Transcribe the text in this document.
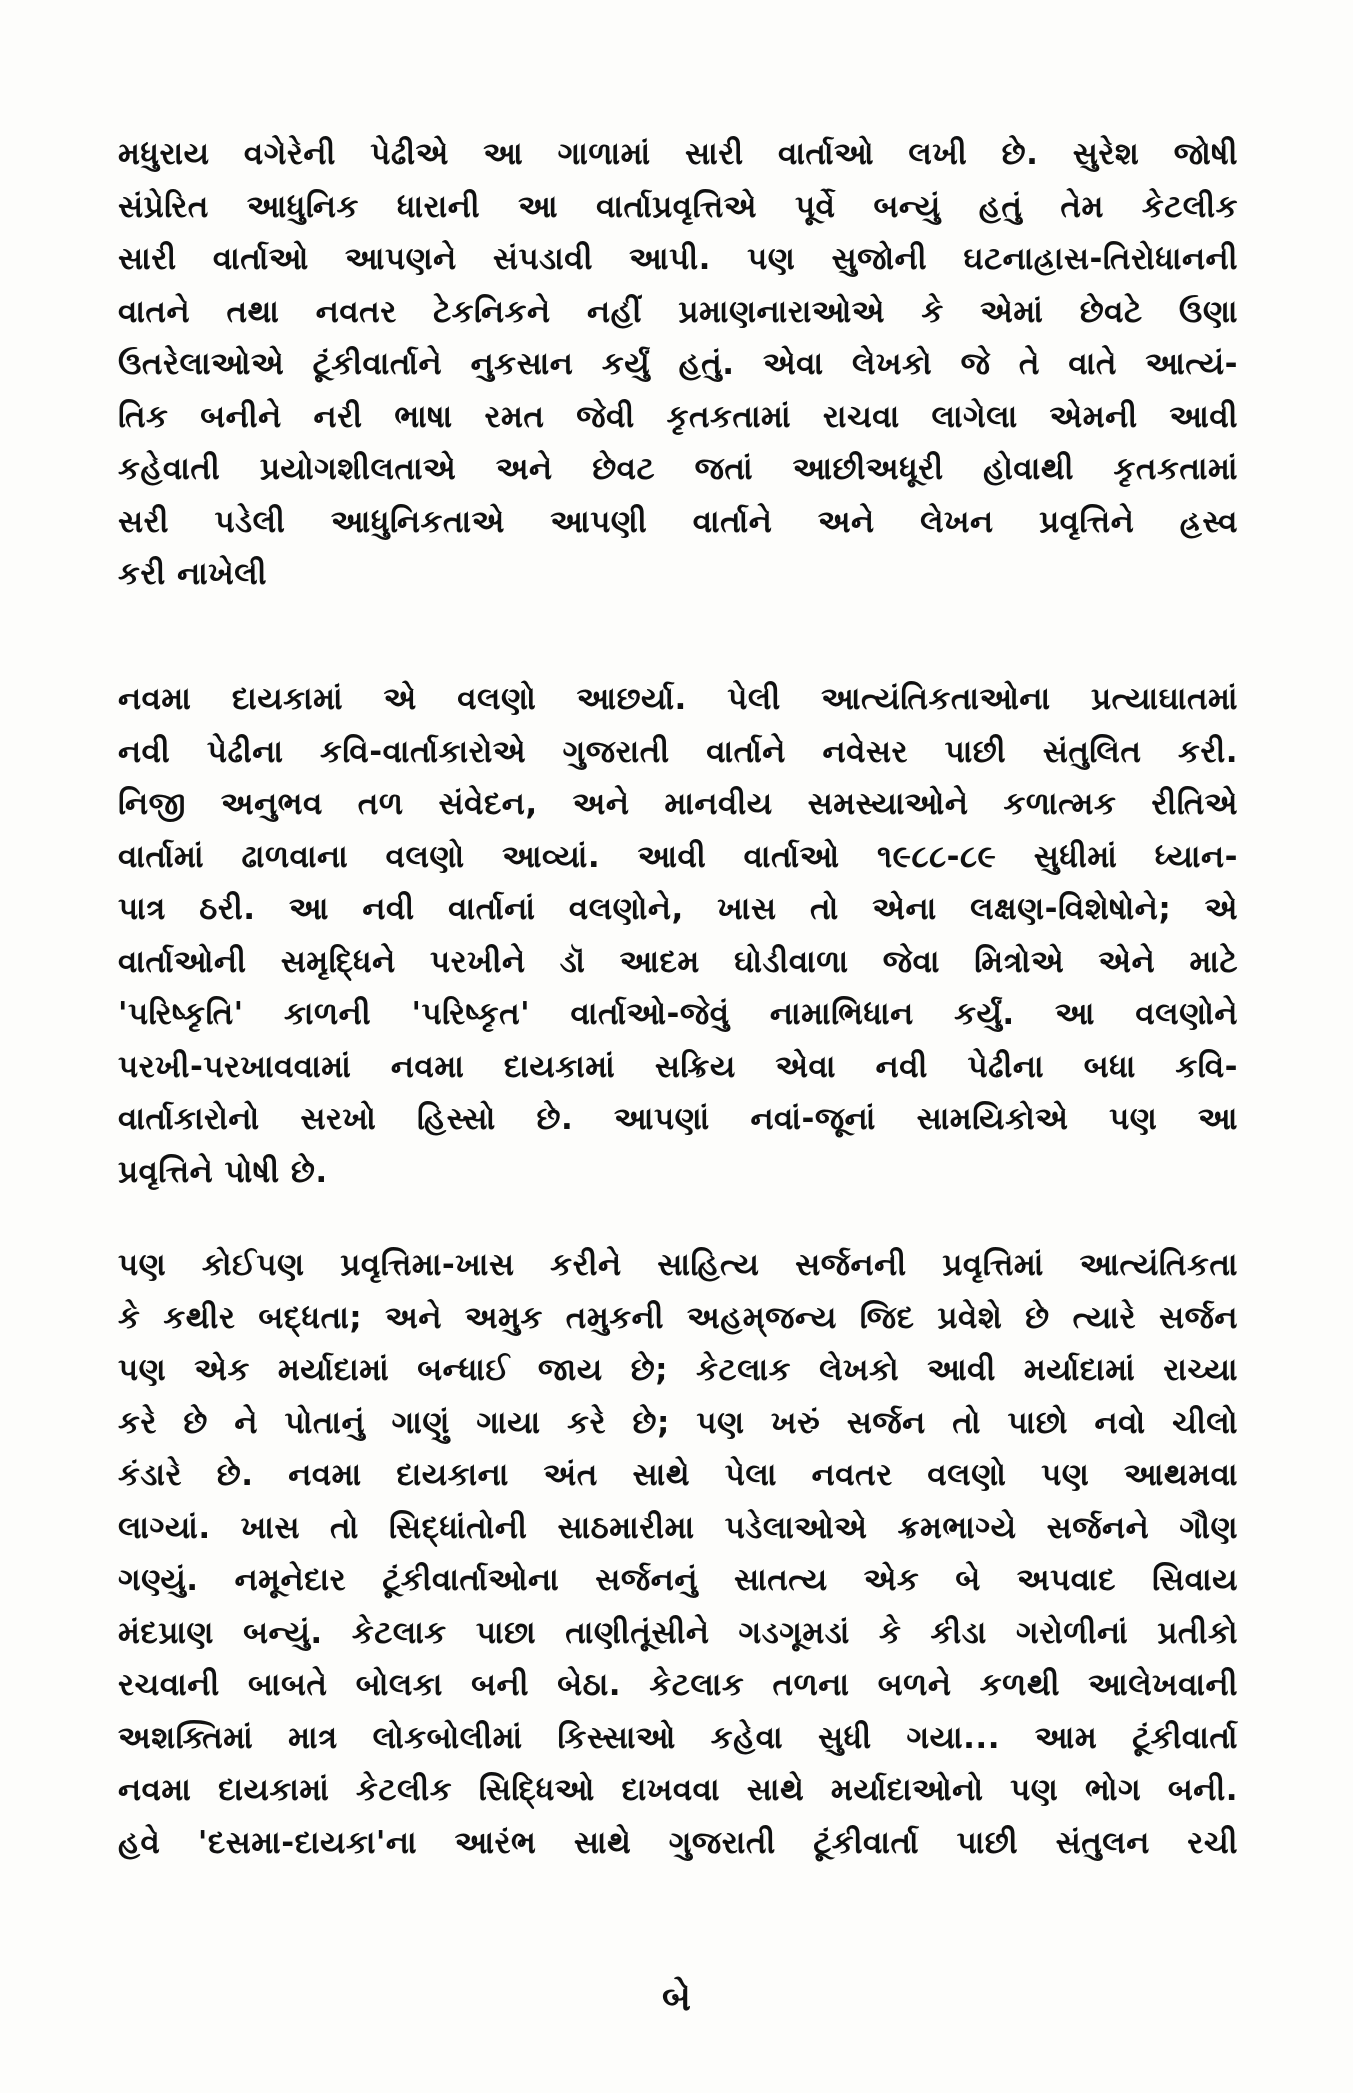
મધુરાય વગેરેની પેઢીએ આ ગાળામાં સારી વાર્તાઓ લખી છે. સુરેશ જોષી
સંપ્રેરિત આધુનિક ધારાની આ વાર્તાપ્રવૃત્તિએ પૂર્વે બન્યું હતું તેમ કેટલીક
સારી વાર્તાઓ આપણને સંપડાવી આપી. પણ સુજોની ઘટનાહ્રાસ-તિરોધાનની
વાતને તથા નવતર ટેકનિકને નહીં પ્રમાણનારાઓએ કે એમાં છેવટે ઉણા
ઉતરેલાઓએ ટૂંકીવાર્તાને નુકસાન કર્યું હતું. એવા લેખકો જે તે વાતે આત્યં-
તિક બનીને નરી ભાષા રમત જેવી કૃતકતામાં રાચવા લાગેલા એમની આવી
કહેવાતી પ્રયોગશીલતાએ અને છેવટ જતાં આછીઅધૂરી હોવાથી કૃતકતામાં
સરી પડેલી આધુનિકતાએ આપણી વાર્તાને અને લેખન પ્રવૃત્તિને હ્રસ્વ
કરી નાખેલી
નવમા દાયકામાં એ વલણો આછર્યા. પેલી આત્યંતિકતાઓના પ્રત્યાઘાતમાં
નવી પેઢીના કવિ-વાર્તાકારોએ ગુજરાતી વાર્તાને નવેસર પાછી સંતુલિત કરી.
નિજી અનુભવ તળ સંવેદન, અને માનવીય સમસ્યાઓને કળાત્મક રીતિએ
વાર્તામાં ઢાળવાના વલણો આવ્યાં. આવી વાર્તાઓ ૧૯૮૮-૮૯ સુધીમાં ધ્યાન-
પાત્ર ઠરી. આ નવી વાર્તાનાં વલણોને, ખાસ તો એના લક્ષણ-વિશેષોને; એ
વાર્તાઓની સમૃદ્ધિને પરખીને ડૉ આદમ ઘોડીવાળા જેવા મિત્રોએ એને માટે
'પરિષ્કૃતિ' કાળની 'પરિષ્કૃત' વાર્તાઓ-જેવું નામાભિધાન કર્યું. આ વલણોને
પરખી-પરખાવવામાં નવમા દાયકામાં સક્રિય એવા નવી પેઢીના બધા કવિ-
વાર્તાકારોનો સરખો હિસ્સો છે. આપણાં નવાં-જૂનાં સામયિકોએ પણ આ
પ્રવૃત્તિને પોષી છે.
પણ કોઈપણ પ્રવૃત્તિમા-ખાસ કરીને સાહિત્ય સર્જનની પ્રવૃત્તિમાં આત્યંતિકતા
કે કથીર બદ્ધતા; અને અમુક તમુકની અહમ્‌જન્ય જિદ પ્રવેશે છે ત્યારે સર્જન
પણ એક મર્યાદામાં બન્ધાઈ જાય છે; કેટલાક લેખકો આવી મર્યાદામાં રાચ્યા
કરે છે ને પોતાનું ગાણું ગાયા કરે છે; પણ ખરું સર્જન તો પાછો નવો ચીલો
કંડારે છે. નવમા દાયકાના અંત સાથે પેલા નવતર વલણો પણ આથમવા
લાગ્યાં. ખાસ તો સિદ્ધાંતોની સાઠમારીમા પડેલાઓએ ક્રમભાગ્યે સર્જનને ગૌણ
ગણ્યું. નમૂનેદાર ટૂંકીવાર્તાઓના સર્જનનું સાતત્ય એક બે અપવાદ સિવાય
મંદપ્રાણ બન્યું. કેટલાક પાછા તાણીતૂંસીને ગડગૂમડાં કે કીડા ગરોળીનાં પ્રતીકો
રચવાની બાબતે બોલકા બની બેઠા. કેટલાક તળના બળને કળથી આલેખવાની
અશક્તિમાં માત્ર લોકબોલીમાં કિસ્સાઓ કહેવા સુધી ગયા... આમ ટૂંકીવાર્તા
નવમા દાયકામાં કેટલીક સિદ્ધિઓ દાખવવા સાથે મર્યાદાઓનો પણ ભોગ બની.
હવે 'દસમા-દાયકા'ના આરંભ સાથે ગુજરાતી ટૂંકીવાર્તા પાછી સંતુલન રચી
બે
